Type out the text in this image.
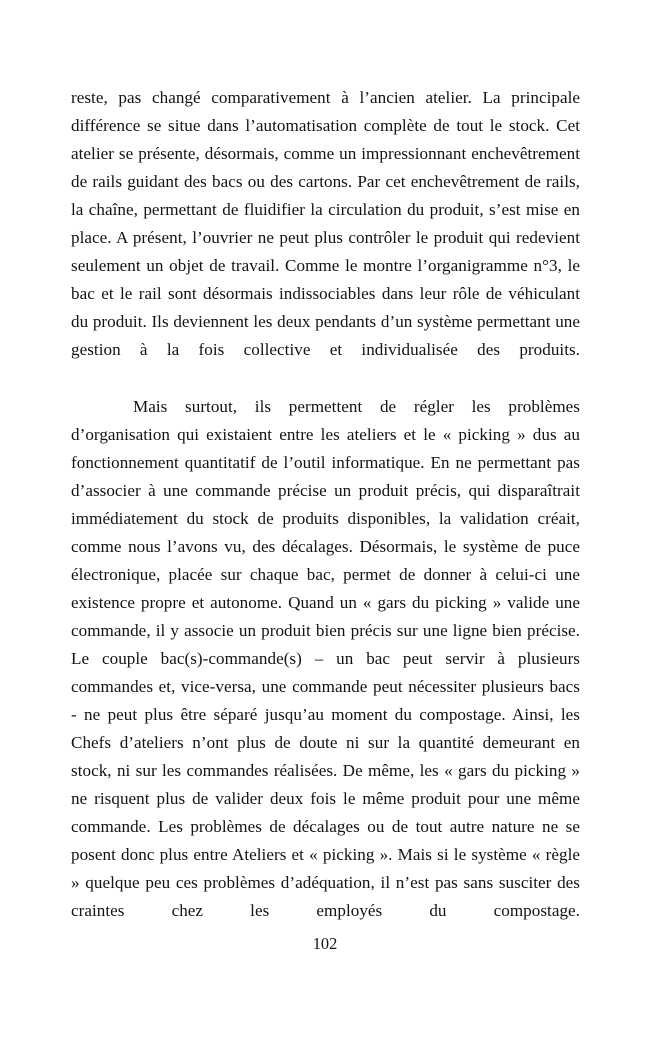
reste, pas changé comparativement à l’ancien atelier. La principale différence se situe dans l’automatisation complète de tout le stock. Cet atelier se présente, désormais, comme un impressionnant enchevêtrement de rails guidant des bacs ou des cartons. Par cet enchevêtrement de rails, la chaîne, permettant de fluidifier la circulation du produit, s’est mise en place. A présent, l’ouvrier ne peut plus contrôler le produit qui redevient seulement un objet de travail. Comme le montre l’organigramme n°3, le bac et le rail sont désormais indissociables dans leur rôle de véhiculant du produit. Ils deviennent les deux pendants d’un système permettant une gestion à la fois collective et individualisée des produits.

Mais surtout, ils permettent de régler les problèmes d’organisation qui existaient entre les ateliers et le « picking » dus au fonctionnement quantitatif de l’outil informatique. En ne permettant pas d’associer à une commande précise un produit précis, qui disparaîtrait immédiatement du stock de produits disponibles, la validation créait, comme nous l’avons vu, des décalages. Désormais, le système de puce électronique, placée sur chaque bac, permet de donner à celui-ci une existence propre et autonome. Quand un « gars du picking » valide une commande, il y associe un produit bien précis sur une ligne bien précise. Le couple bac(s)-commande(s) – un bac peut servir à plusieurs commandes et, vice-versa, une commande peut nécessiter plusieurs bacs - ne peut plus être séparé jusqu’au moment du compostage. Ainsi, les Chefs d’ateliers n’ont plus de doute ni sur la quantité demeurant en stock, ni sur les commandes réalisées. De même, les « gars du picking » ne risquent plus de valider deux fois le même produit pour une même commande. Les problèmes de décalages ou de tout autre nature ne se posent donc plus entre Ateliers et « picking ». Mais si le système « règle » quelque peu ces problèmes d’adéquation, il n’est pas sans susciter des craintes chez les employés du compostage.

102
